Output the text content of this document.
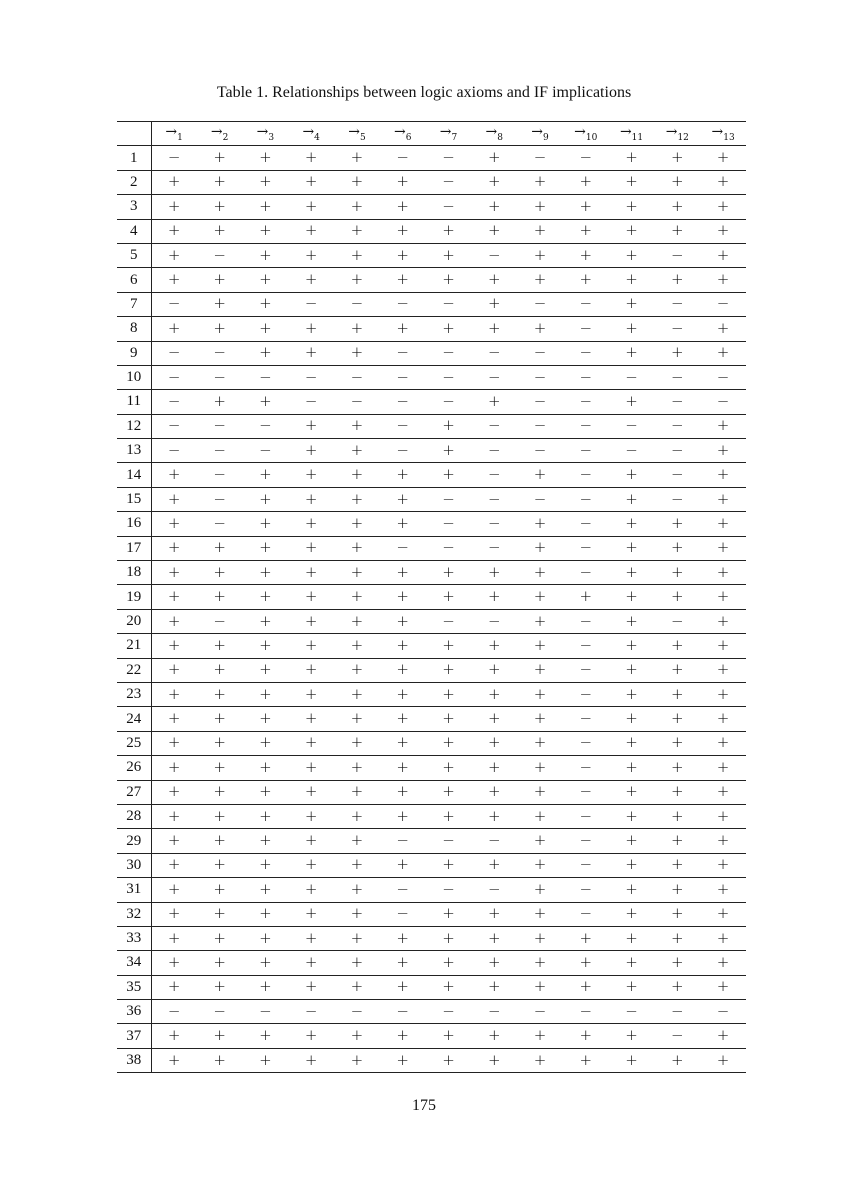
Table 1. Relationships between logic axioms and IF implications
	$\to_1$	$\to_2$	$\to_3$	$\to_4$	$\to_5$	$\to_6$	$\to_7$	$\to_8$	$\to_9$	$\to_{10}$	$\to_{11}$	$\to_{12}$	$\to_{13}$
1	−	+	+	+	+	−	−	+	−	−	+	+	+
2	+	+	+	+	+	+	−	+	+	+	+	+	+
3	+	+	+	+	+	+	−	+	+	+	+	+	+
4	+	+	+	+	+	+	+	+	+	+	+	+	+
5	+	−	+	+	+	+	+	−	+	+	+	−	+
6	+	+	+	+	+	+	+	+	+	+	+	+	+
7	−	+	+	−	−	−	−	+	−	−	+	−	−
8	+	+	+	+	+	+	+	+	+	−	+	−	+
9	−	−	+	+	+	−	−	−	−	−	+	+	+
10	−	−	−	−	−	−	−	−	−	−	−	−	−
11	−	+	+	−	−	−	−	+	−	−	+	−	−
12	−	−	−	+	+	−	+	−	−	−	−	−	+
13	−	−	−	+	+	−	+	−	−	−	−	−	+
14	+	−	+	+	+	+	+	−	+	−	+	−	+
15	+	−	+	+	+	+	−	−	−	−	+	−	+
16	+	−	+	+	+	+	−	−	+	−	+	+	+
17	+	+	+	+	+	−	−	−	+	−	+	+	+
18	+	+	+	+	+	+	+	+	+	−	+	+	+
19	+	+	+	+	+	+	+	+	+	+	+	+	+
20	+	−	+	+	+	+	−	−	+	−	+	−	+
21	+	+	+	+	+	+	+	+	+	−	+	+	+
22	+	+	+	+	+	+	+	+	+	−	+	+	+
23	+	+	+	+	+	+	+	+	+	−	+	+	+
24	+	+	+	+	+	+	+	+	+	−	+	+	+
25	+	+	+	+	+	+	+	+	+	−	+	+	+
26	+	+	+	+	+	+	+	+	+	−	+	+	+
27	+	+	+	+	+	+	+	+	+	−	+	+	+
28	+	+	+	+	+	+	+	+	+	−	+	+	+
29	+	+	+	+	+	−	−	−	+	−	+	+	+
30	+	+	+	+	+	+	+	+	+	−	+	+	+
31	+	+	+	+	+	−	−	−	+	−	+	+	+
32	+	+	+	+	+	−	+	+	+	−	+	+	+
33	+	+	+	+	+	+	+	+	+	+	+	+	+
34	+	+	+	+	+	+	+	+	+	+	+	+	+
35	+	+	+	+	+	+	+	+	+	+	+	+	+
36	−	−	−	−	−	−	−	−	−	−	−	−	−
37	+	+	+	+	+	+	+	+	+	+	+	−	+
38	+	+	+	+	+	+	+	+	+	+	+	+	+
175
